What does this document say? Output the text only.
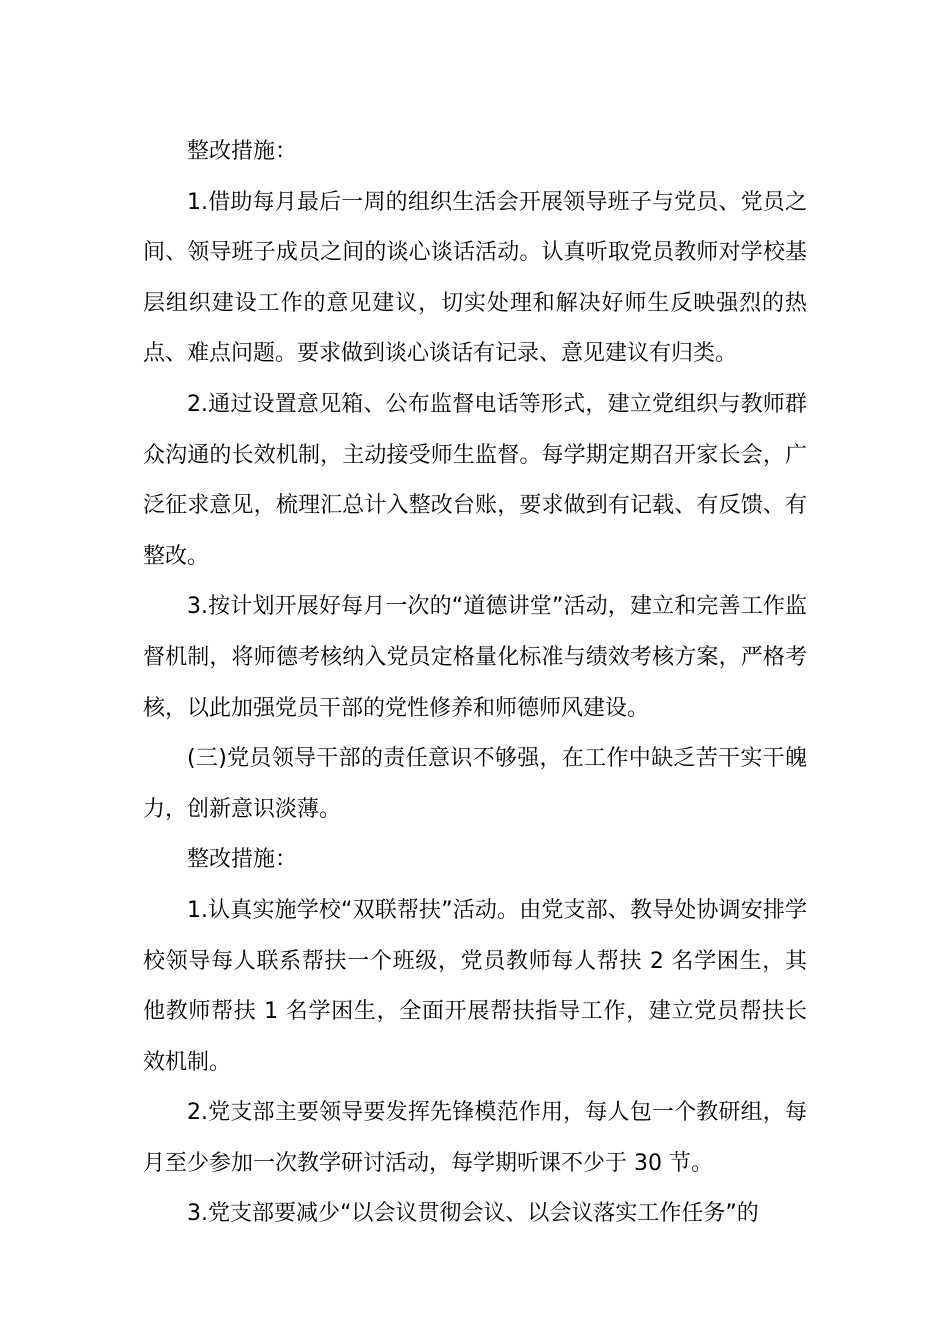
整改措施：

1.借助每月最后一周的组织生活会开展领导班子与党员、党员之间、领导班子成员之间的谈心谈话活动。认真听取党员教师对学校基层组织建设工作的意见建议，切实处理和解决好师生反映强烈的热点、难点问题。要求做到谈心谈话有记录、意见建议有归类。

2.通过设置意见箱、公布监督电话等形式，建立党组织与教师群众沟通的长效机制，主动接受师生监督。每学期定期召开家长会，广泛征求意见，梳理汇总计入整改台账，要求做到有记载、有反馈、有整改。

3.按计划开展好每月一次的“道德讲堂”活动，建立和完善工作监督机制，将师德考核纳入党员定格量化标准与绩效考核方案，严格考核，以此加强党员干部的党性修养和师德师风建设。

(三)党员领导干部的责任意识不够强，在工作中缺乏苦干实干魄力，创新意识淡薄。

整改措施：

1.认真实施学校“双联帮扶”活动。由党支部、教导处协调安排学校领导每人联系帮扶一个班级，党员教师每人帮扶 2 名学困生，其他教师帮扶 1 名学困生，全面开展帮扶指导工作，建立党员帮扶长效机制。

2.党支部主要领导要发挥先锋模范作用，每人包一个教研组，每月至少参加一次教学研讨活动，每学期听课不少于 30 节。

3.党支部要减少“以会议贯彻会议、以会议落实工作任务”的
